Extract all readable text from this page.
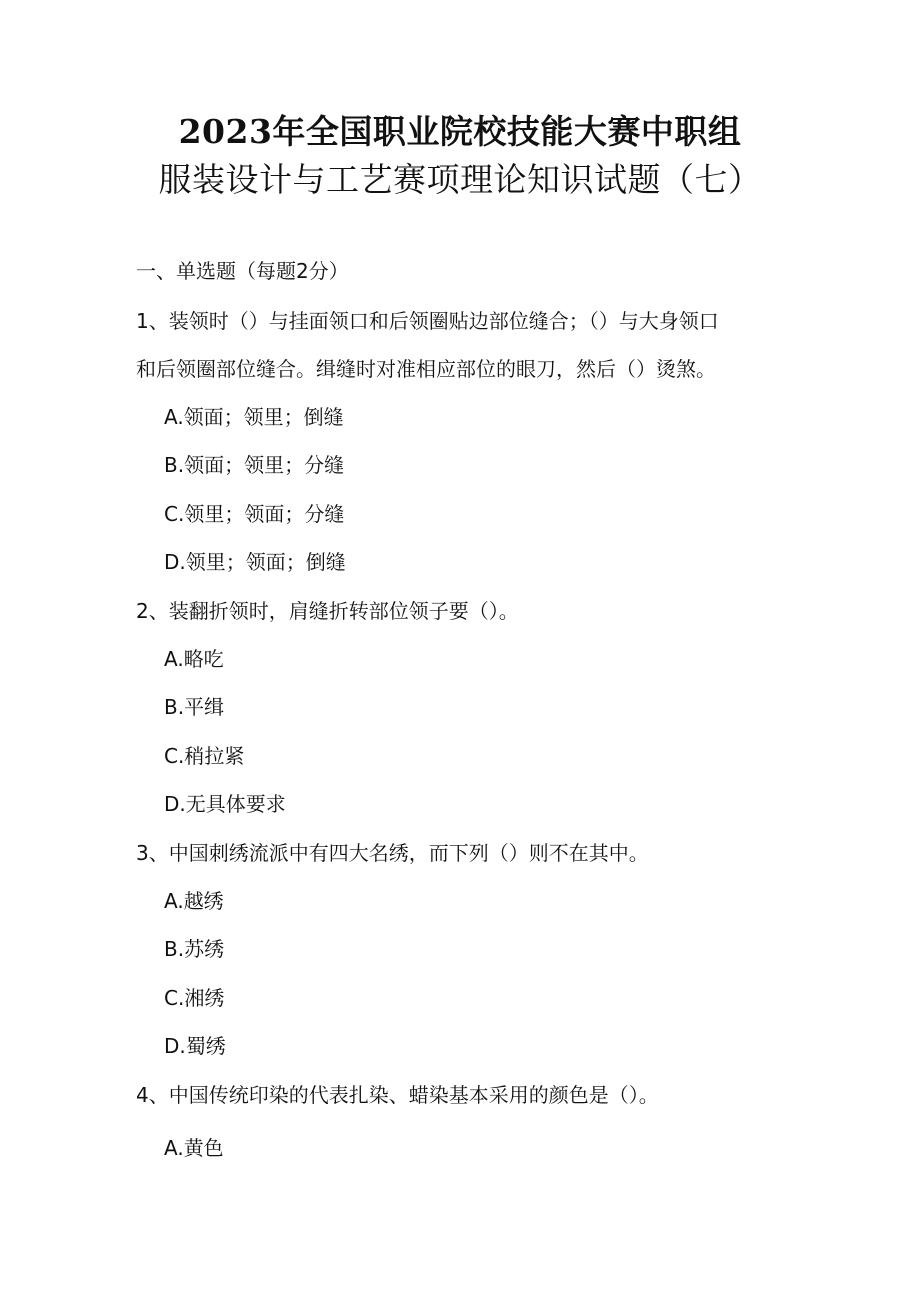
2023年全国职业院校技能大赛中职组
服装设计与工艺赛项理论知识试题（七）
一、单选题（每题2分）
1、装领时（）与挂面领口和后领圈贴边部位缝合；（）与大身领口
和后领圈部位缝合。缉缝时对准相应部位的眼刀，然后（）烫煞。
A.领面；领里；倒缝
B.领面；领里；分缝
C.领里；领面；分缝
D.领里；领面；倒缝
2、装翻折领时，肩缝折转部位领子要（）。
A.略吃
B.平缉
C.稍拉紧
D.无具体要求
3、中国刺绣流派中有四大名绣，而下列（）则不在其中。
A.越绣
B.苏绣
C.湘绣
D.蜀绣
4、中国传统印染的代表扎染、蜡染基本采用的颜色是（）。
A.黄色
